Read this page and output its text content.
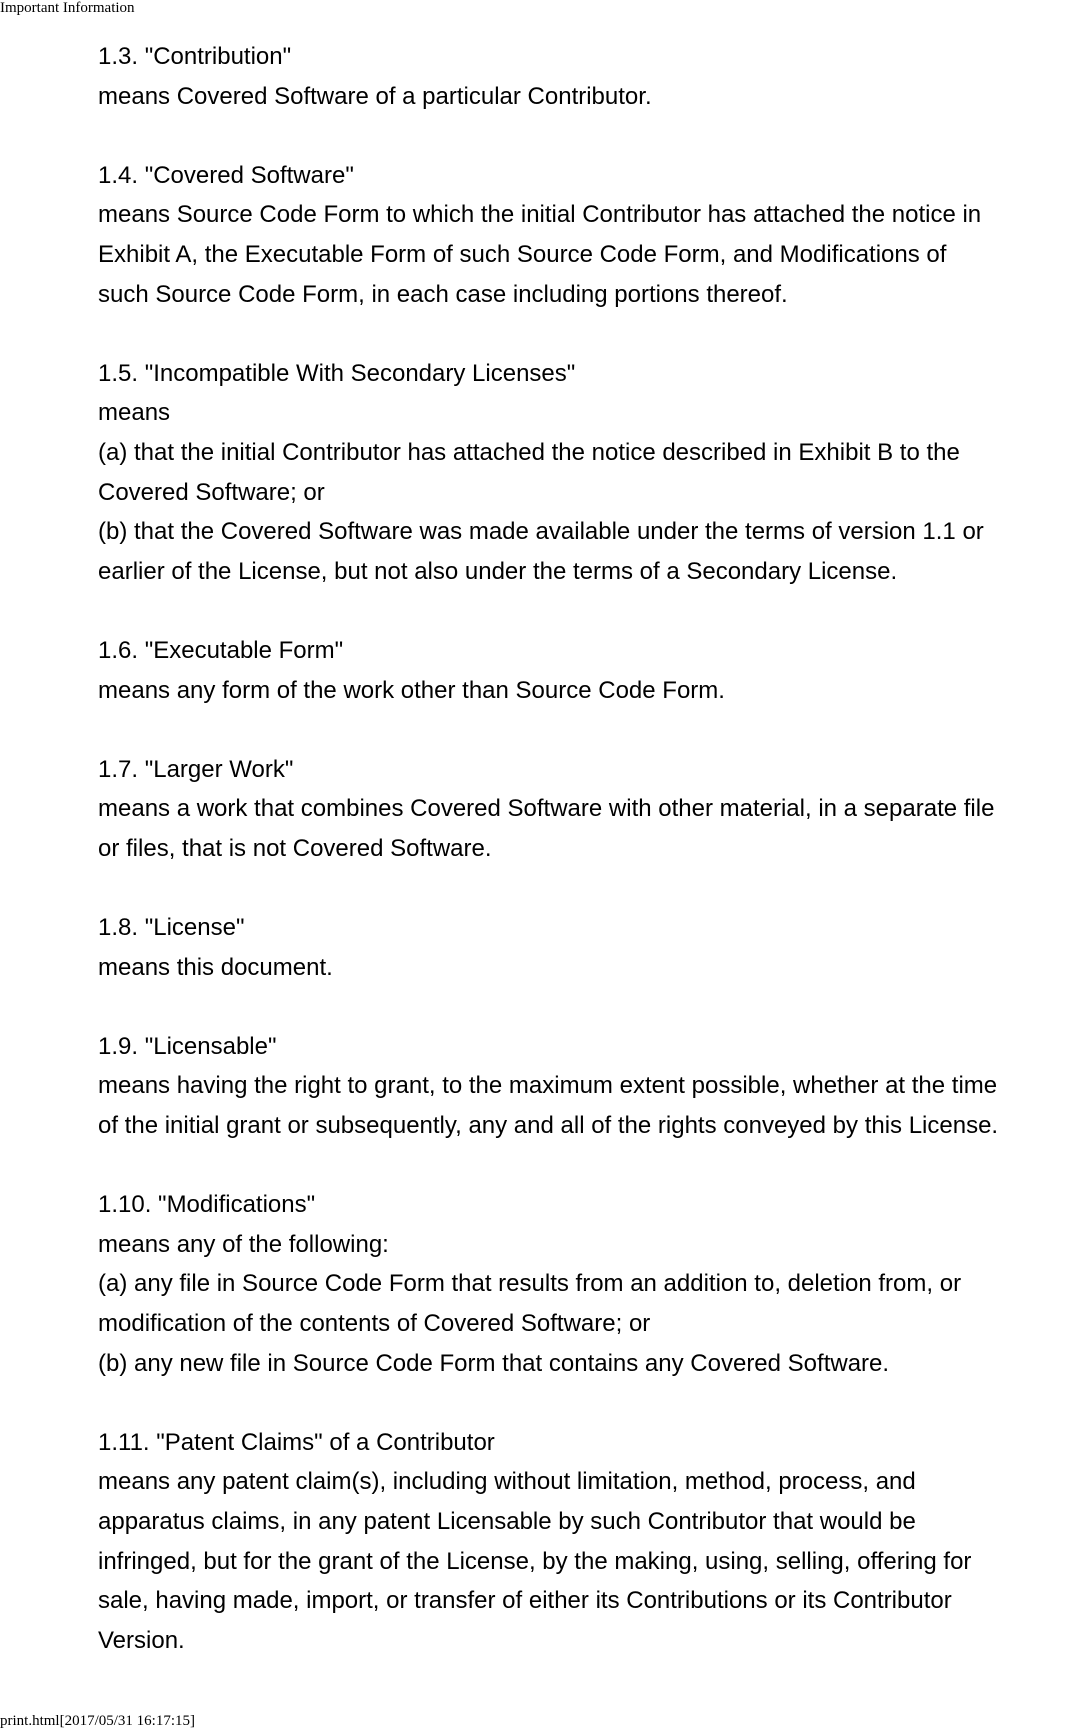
Important Information
1.3. "Contribution"
means Covered Software of a particular Contributor.
1.4. "Covered Software"
means Source Code Form to which the initial Contributor has attached the notice in
Exhibit A, the Executable Form of such Source Code Form, and Modifications of
such Source Code Form, in each case including portions thereof.
1.5. "Incompatible With Secondary Licenses"
means
(a) that the initial Contributor has attached the notice described in Exhibit B to the
Covered Software; or
(b) that the Covered Software was made available under the terms of version 1.1 or
earlier of the License, but not also under the terms of a Secondary License.
1.6. "Executable Form"
means any form of the work other than Source Code Form.
1.7. "Larger Work"
means a work that combines Covered Software with other material, in a separate file
or files, that is not Covered Software.
1.8. "License"
means this document.
1.9. "Licensable"
means having the right to grant, to the maximum extent possible, whether at the time
of the initial grant or subsequently, any and all of the rights conveyed by this License.
1.10. "Modifications"
means any of the following:
(a) any file in Source Code Form that results from an addition to, deletion from, or
modification of the contents of Covered Software; or
(b) any new file in Source Code Form that contains any Covered Software.
1.11. "Patent Claims" of a Contributor
means any patent claim(s), including without limitation, method, process, and
apparatus claims, in any patent Licensable by such Contributor that would be
infringed, but for the grant of the License, by the making, using, selling, offering for
sale, having made, import, or transfer of either its Contributions or its Contributor
Version.
print.html[2017/05/31 16:17:15]
